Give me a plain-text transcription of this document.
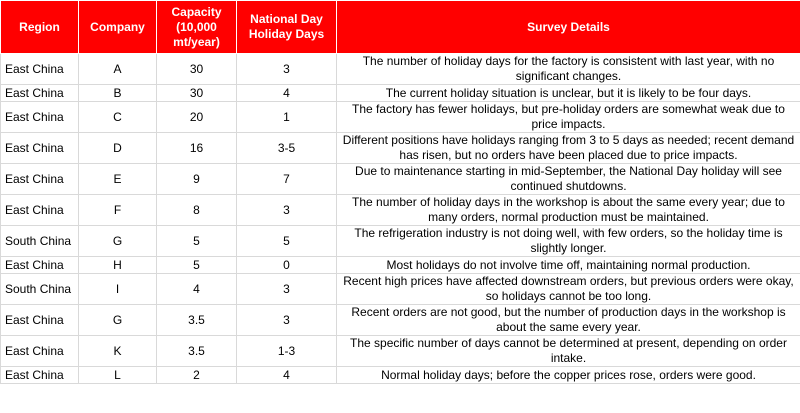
Region	Company	Capacity (10,000 mt/year)	National Day Holiday Days	Survey Details
East China	A	30	3	The number of holiday days for the factory is consistent with last year, with no significant changes.
East China	B	30	4	The current holiday situation is unclear, but it is likely to be four days.
East China	C	20	1	The factory has fewer holidays, but pre-holiday orders are somewhat weak due to price impacts.
East China	D	16	3-5	Different positions have holidays ranging from 3 to 5 days as needed; recent demand has risen, but no orders have been placed due to price impacts.
East China	E	9	7	Due to maintenance starting in mid-September, the National Day holiday will see continued shutdowns.
East China	F	8	3	The number of holiday days in the workshop is about the same every year; due to many orders, normal production must be maintained.
South China	G	5	5	The refrigeration industry is not doing well, with few orders, so the holiday time is slightly longer.
East China	H	5	0	Most holidays do not involve time off, maintaining normal production.
South China	I	4	3	Recent high prices have affected downstream orders, but previous orders were okay, so holidays cannot be too long.
East China	G	3.5	3	Recent orders are not good, but the number of production days in the workshop is about the same every year.
East China	K	3.5	1-3	The specific number of days cannot be determined at present, depending on order intake.
East China	L	2	4	Normal holiday days; before the copper prices rose, orders were good.
